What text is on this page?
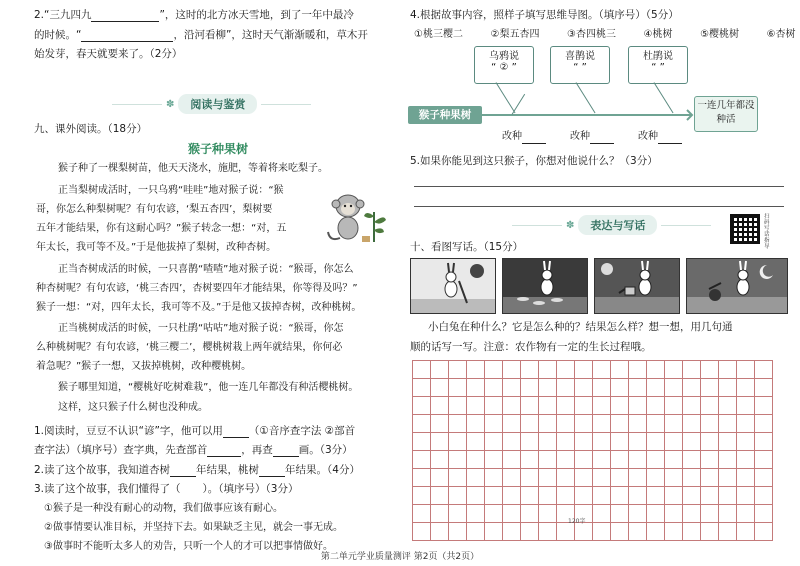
2.“三九四九	”，这时的北方冰天雪地，到了一年中最冷
的时候。“	，沿河看柳”，这时天气渐渐暖和，草木开
始发芽，春天就要来了。（2分）
✽	阅读与鉴赏
九、课外阅读。（18分）
猴子种果树
猴子种了一棵梨树苗，他天天浇水，施肥，等着将来吃梨子。
正当梨树成活时，一只乌鸦“哇哇”地对猴子说：“猴
哥，你怎么种梨树呢？有句农谚，‘梨五杏四’，梨树要
五年才能结果，你有这耐心吗？”猴子转念一想：“对，五
年太长，我可等不及。”于是他拔掉了梨树，改种杏树。
正当杏树成活的时候，一只喜鹊“喳喳”地对猴子说：“猴哥，你怎么
种杏树呢？有句农谚，‘桃三杏四’，杏树要四年才能结果，你等得及吗？”
猴子一想：“对，四年太长，我可等不及。”于是他又拔掉杏树，改种桃树。
正当桃树成活的时候，一只杜鹃“咕咕”地对猴子说：“猴哥，你怎
么种桃树呢？有句农谚，‘桃三樱二’，樱桃树栽上两年就结果，你何必
着急呢？”猴子一想，又拔掉桃树，改种樱桃树。
猴子哪里知道，“樱桃好吃树难栽”，他一连几年都没有种活樱桃树。
这样，这只猴子什么树也没种成。
1.阅读时，豆豆不认识“谚”字，他可以用 （①音序查字法 ②部首
查字法）（填序号）查字典，先查部首	，再查 画。（3分）
2.读了这个故事，我知道杏树 年结果，桃树 年结果。（4分）
3.读了这个故事，我们懂得了（ ）。（填序号）（3分）
①猴子是一种没有耐心的动物，我们做事应该有耐心。
②做事情要认准目标，并坚持下去。如果缺乏主见，就会一事无成。
③做事时不能听太多人的劝告，只听一个人的才可以把事情做好。
4.根据故事内容，照样子填写思维导图。（填序号）（5分）
①桃三樱二	②梨五杏四	③杏四桃三	④桃树	⑤樱桃树	⑥杏树
乌鸦说
“ ② ”
喜鹊说
“ ”
杜鹃说
“ ”
猴子种果树
一连几年都没种活
改种	改种	改种
5.如果你能见到这只猴子，你想对他说什么？（3分）
✽	表达与写话
扫码写话指导
十、看图写话。（15分）
小白兔在种什么？它是怎么种的？结果怎么样？想一想，用几句通
顺的话写一写。注意：农作物有一定的生长过程哦。
120字
第二单元学业质量测评 第2页（共2页）
